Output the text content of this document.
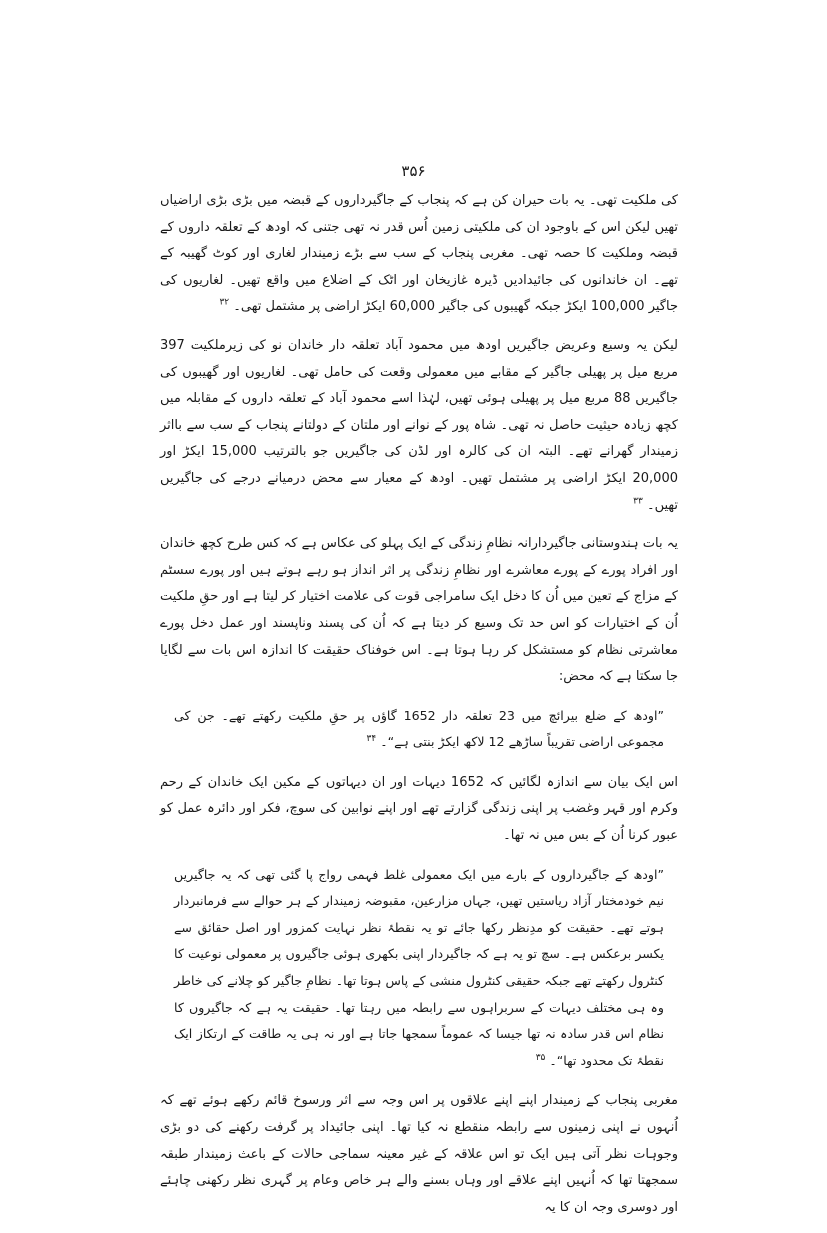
۳۵۶

کی ملکیت تھی۔ یہ بات حیران کن ہے کہ پنجاب کے جاگیرداروں کے قبضہ میں بڑی بڑی اراضیاں تھیں لیکن اس کے باوجود ان کی ملکیتی زمین اُس قدر نہ تھی جتنی کہ اودھ کے تعلقہ داروں کے قبضہ وملکیت کا حصہ تھی۔ مغربی پنجاب کے سب سے بڑے زمیندار لغاری اور کوٹ گھیبہ کے تھے۔ ان خاندانوں کی جائیدادیں ڈیرہ غازیخان اور اٹک کے اضلاع میں واقع تھیں۔ لغاریوں کی جاگیر 100,000 ایکڑ جبکہ گھیبوں کی جاگیر 60,000 ایکڑ اراضی پر مشتمل تھی۔ $^{۳۲}$

لیکن یہ وسیع وعریض جاگیریں اودھ میں محمود آباد تعلقہ دار خاندان نو کی زیرملکیت 397 مربع میل پر پھیلی جاگیر کے مقابے میں معمولی وقعت کی حامل تھی۔ لغاریوں اور گھیبوں کی جاگیریں 88 مربع میل پر پھیلی ہوئی تھیں، لہٰذا اسے محمود آباد کے تعلقہ داروں کے مقابلہ میں کچھ زیادہ حیثیت حاصل نہ تھی۔ شاہ پور کے نوانے اور ملتان کے دولتانے پنجاب کے سب سے بااثر زمیندار گھرانے تھے۔ البتہ ان کی کالرہ اور لڈن کی جاگیریں جو بالترتیب 15,000 ایکڑ اور 20,000 ایکڑ اراضی پر مشتمل تھیں۔ اودھ کے معیار سے محض درمیانے درجے کی جاگیریں تھیں۔ $^{۳۳}$

یہ بات ہندوستانی جاگیردارانہ نظامِ زندگی کے ایک پہلو کی عکاس ہے کہ کس طرح کچھ خاندان اور افراد پورے کے پورے معاشرے اور نظامِ زندگی پر اثر انداز ہو رہے ہوتے ہیں اور پورے سسٹم کے مزاج کے تعین میں اُن کا دخل ایک سامراجی قوت کی علامت اختیار کر لیتا ہے اور حقِ ملکیت اُن کے اختیارات کو اس حد تک وسیع کر دیتا ہے کہ اُن کی پسند وناپسند اور عمل دخل پورے معاشرتی نظام کو مستشکل کر رہا ہوتا ہے۔ اس خوفناک حقیقت کا اندازہ اس بات سے لگایا جا سکتا ہے کہ محض:

”اودھ کے ضلع بیرائچ میں 23 تعلقہ دار 1652 گاؤں پر حقِ ملکیت رکھتے تھے۔ جن کی مجموعی اراضی تقریباً ساڑھے 12 لاکھ ایکڑ بنتی ہے“۔ $^{۳۴}$

اس ایک بیان سے اندازہ لگائیں کہ 1652 دیہات اور ان دیہاتوں کے مکین ایک خاندان کے رحم وکرم اور قہر وغضب پر اپنی زندگی گزارتے تھے اور اپنے نوابین کی سوچ، فکر اور دائرہ عمل کو عبور کرنا اُن کے بس میں نہ تھا۔

”اودھ کے جاگیرداروں کے بارے میں ایک معمولی غلط فہمی رواج پا گئی تھی کہ یہ جاگیریں نیم خودمختار آزاد ریاستیں تھیں، جہاں مزارعین، مقبوضہ زمیندار کے ہر حوالے سے فرمانبردار ہوتے تھے۔ حقیقت کو مدِنظر رکھا جائے تو یہ نقطۂ نظر نہایت کمزور اور اصل حقائق سے یکسر برعکس ہے۔ سچ تو یہ ہے کہ جاگیردار اپنی بکھری ہوئی جاگیروں پر معمولی نوعیت کا کنٹرول رکھتے تھے جبکہ حقیقی کنٹرول منشی کے پاس ہوتا تھا۔ نظامِ جاگیر کو چلانے کی خاطر وہ ہی مختلف دیہات کے سربراہوں سے رابطہ میں رہتا تھا۔ حقیقت یہ ہے کہ جاگیروں کا نظام اس قدر سادہ نہ تھا جیسا کہ عموماً سمجھا جاتا ہے اور نہ ہی یہ طاقت کے ارتکاز ایک نقطۂ تک محدود تھا“۔ $^{۳۵}$

مغربی پنجاب کے زمیندار اپنے اپنے علاقوں پر اس وجہ سے اثر ورسوخ قائم رکھے ہوئے تھے کہ اُنہوں نے اپنی زمینوں سے رابطہ منقطع نہ کیا تھا۔ اپنی جائیداد پر گرفت رکھنے کی دو بڑی وجوہات نظر آتی ہیں ایک تو اس علاقہ کے غیر معینہ سماجی حالات کے باعث زمیندار طبقہ سمجھتا تھا کہ اُنہیں اپنے علاقے اور وہاں بسنے والے ہر خاص وعام پر گہری نظر رکھنی چاہئے اور دوسری وجہ ان کا یہ
